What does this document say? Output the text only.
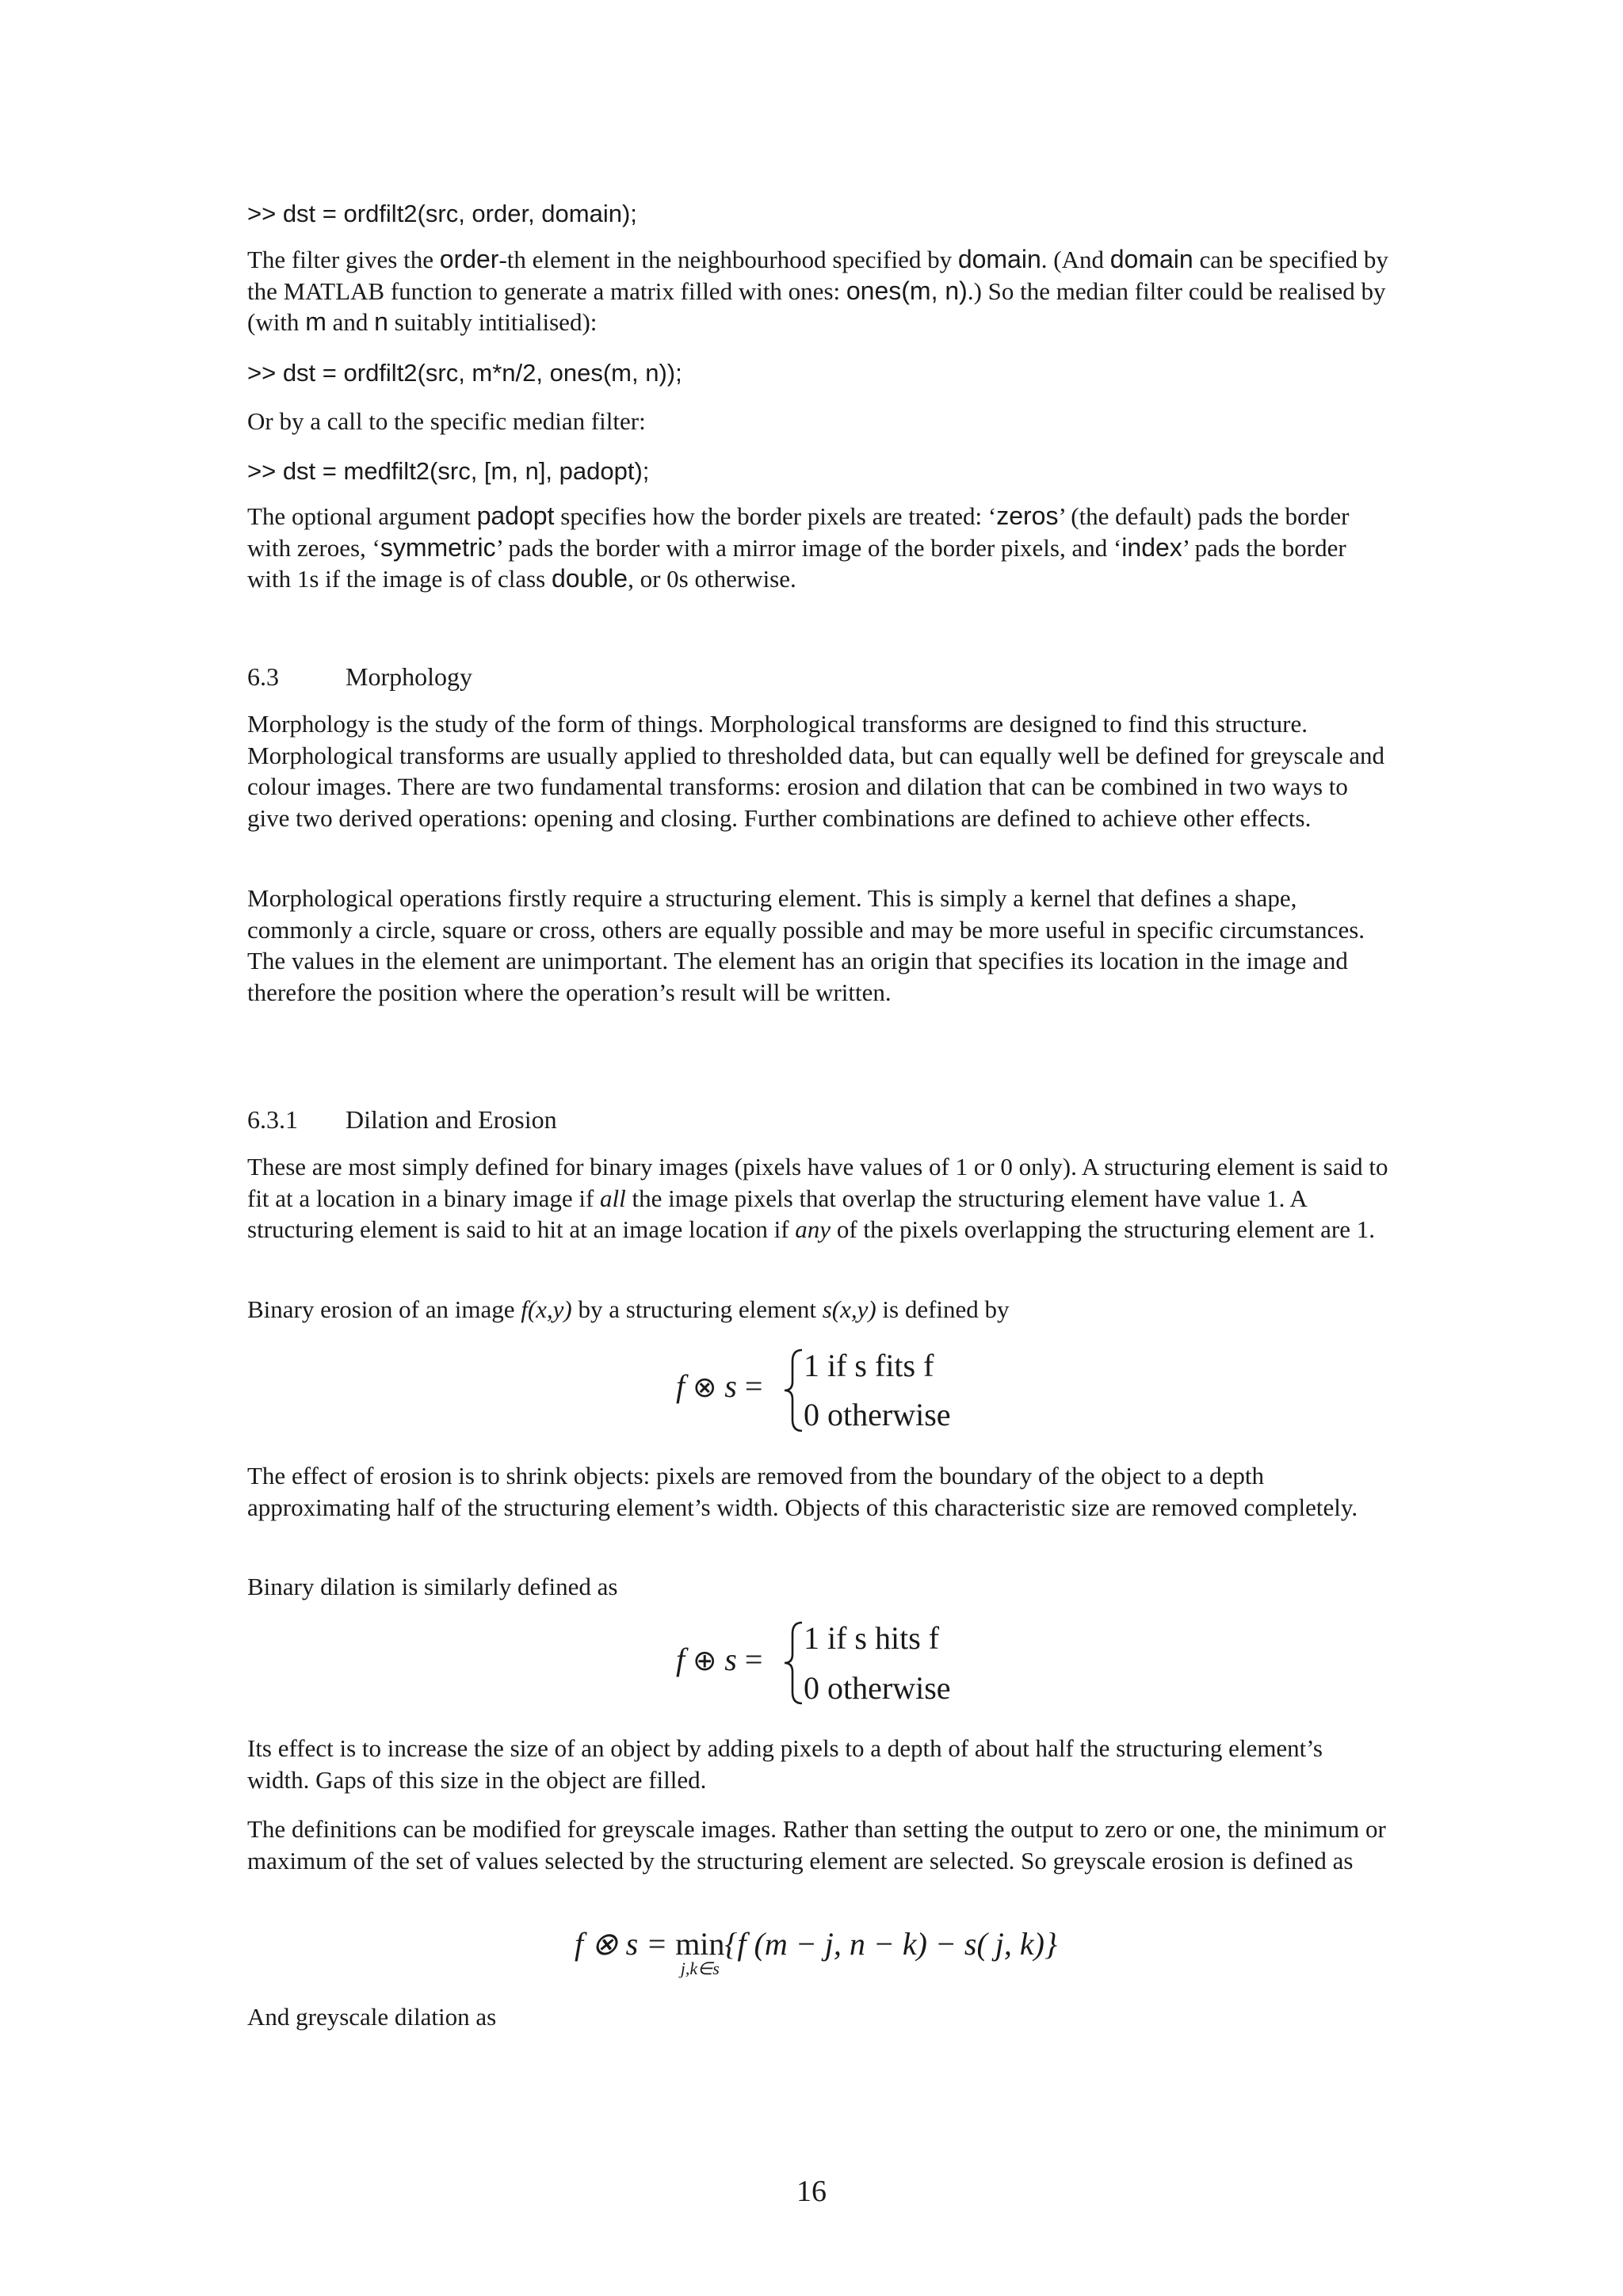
>> dst = ordfilt2(src, order, domain);

The filter gives the order-th element in the neighbourhood specified by domain. (And domain can be specified by the MATLAB function to generate a matrix filled with ones: ones(m, n).) So the median filter could be realised by (with m and n suitably intitialised):

>> dst = ordfilt2(src, m*n/2, ones(m, n));

Or by a call to the specific median filter:

>> dst = medfilt2(src, [m, n], padopt);

The optional argument padopt specifies how the border pixels are treated: ‘zeros’ (the default) pads the border with zeroes, ‘symmetric’ pads the border with a mirror image of the border pixels, and ‘index’ pads the border with 1s if the image is of class double, or 0s otherwise.

6.3	Morphology

Morphology is the study of the form of things. Morphological transforms are designed to find this structure. Morphological transforms are usually applied to thresholded data, but can equally well be defined for greyscale and colour images. There are two fundamental transforms: erosion and dilation that can be combined in two ways to give two derived operations: opening and closing. Further combinations are defined to achieve other effects.

Morphological operations firstly require a structuring element. This is simply a kernel that defines a shape, commonly a circle, square or cross, others are equally possible and may be more useful in specific circumstances. The values in the element are unimportant. The element has an origin that specifies its location in the image and therefore the position where the operation’s result will be written.

6.3.1 Dilation and Erosion

These are most simply defined for binary images (pixels have values of 1 or 0 only). A structuring element is said to fit at a location in a binary image if all the image pixels that overlap the structuring element have value 1. A structuring element is said to hit at an image location if any of the pixels overlapping the structuring element are 1.

Binary erosion of an image f(x,y) by a structuring element s(x,y) is defined by

f ⊗ s =
1 if s fits f
0 otherwise

The effect of erosion is to shrink objects: pixels are removed from the boundary of the object to a depth approximating half of the structuring element’s width. Objects of this characteristic size are removed completely.

Binary dilation is similarly defined as

f ⊕ s =
1 if s hits f
0 otherwise

Its effect is to increase the size of an object by adding pixels to a depth of about half the structuring element’s width. Gaps of this size in the object are filled.

The definitions can be modified for greyscale images. Rather than setting the output to zero or one, the minimum or maximum of the set of values selected by the structuring element are selected. So greyscale erosion is defined as

f ⊗ s = min
j,k∈s
{f (m − j, n − k) − s( j, k)}

And greyscale dilation as

16
